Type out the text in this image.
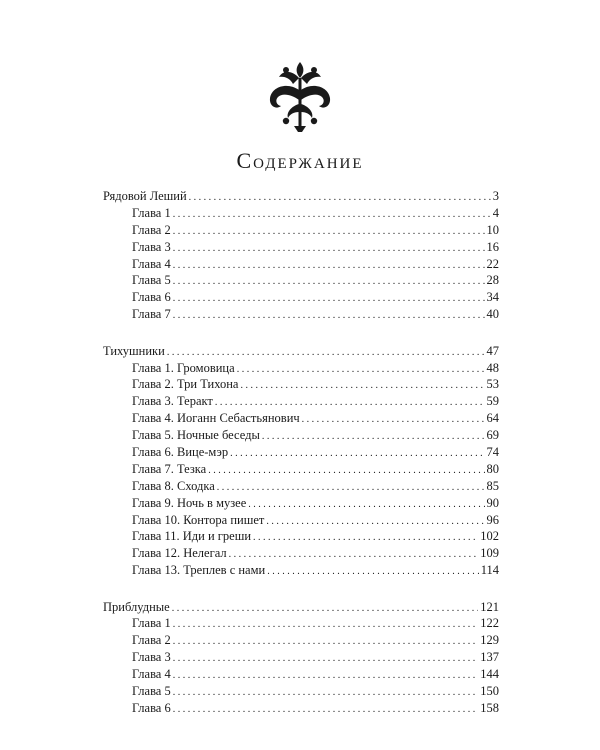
Содержание
Рядовой Леший . . .	3
Глава 1 . . .	4
Глава 2 . . .	10
Глава 3 . . .	16
Глава 4 . . .	22
Глава 5 . . .	28
Глава 6 . . .	34
Глава 7 . . .	40
Тихушники . . .	47
Глава 1. Громовица . . .	48
Глава 2. Три Тихона . . .	53
Глава 3. Теракт . . .	59
Глава 4. Иоганн Себастьянович . . .	64
Глава 5. Ночные беседы . . .	69
Глава 6. Вице-мэр . . .	74
Глава 7. Тезка . . .	80
Глава 8. Сходка . . .	85
Глава 9. Ночь в музее . . .	90
Глава 10. Контора пишет . . .	96
Глава 11. Иди и греши . . .	102
Глава 12. Нелегал . . .	109
Глава 13. Треплев с нами . . .	114
Приблудные . . .	121
Глава 1 . . .	122
Глава 2 . . .	129
Глава 3 . . .	137
Глава 4 . . .	144
Глава 5 . . .	150
Глава 6 . . .	158
